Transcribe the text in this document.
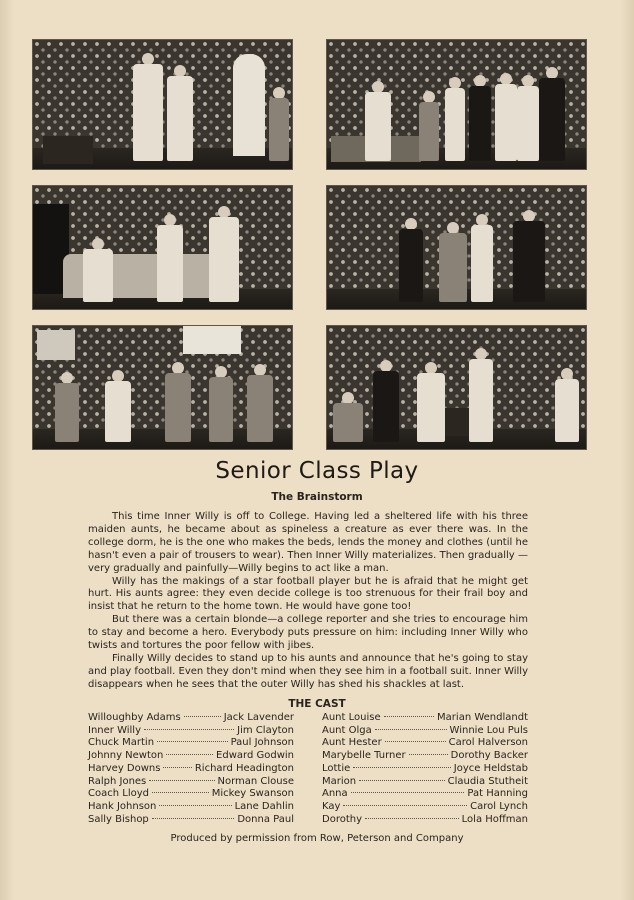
Senior Class Play
The Brainstorm

This time Inner Willy is off to College. Having led a sheltered life with his three maiden aunts, he became about as spineless a creature as ever there was. In the college dorm, he is the one who makes the beds, lends the money and clothes (until he hasn't even a pair of trousers to wear). Then Inner Willy materializes. Then gradually —very gradually and painfully—Willy begins to act like a man.

Willy has the makings of a star football player but he is afraid that he might get hurt. His aunts agree: they even decide college is too strenuous for their frail boy and insist that he return to the home town. He would have gone too!

But there was a certain blonde—a college reporter and she tries to encourage him to stay and become a hero. Everybody puts pressure on him: including Inner Willy who twists and tortures the poor fellow with jibes.

Finally Willy decides to stand up to his aunts and announce that he's going to stay and play football. Even they don't mind when they see him in a football suit. Inner Willy disappears when he sees that the outer Willy has shed his shackles at last.

THE CAST
Willoughby Adams	Jack Lavender
Inner Willy	Jim Clayton
Chuck Martin	Paul Johnson
Johnny Newton	Edward Godwin
Harvey Downs	Richard Headington
Ralph Jones	Norman Clouse
Coach Lloyd	Mickey Swanson
Hank Johnson	Lane Dahlin
Sally Bishop	Donna Paul
Aunt Louise	Marian Wendlandt
Aunt Olga	Winnie Lou Puls
Aunt Hester	Carol Halverson
Marybelle Turner	Dorothy Backer
Lottie	Joyce Heldstab
Marion	Claudia Stutheit
Anna	Pat Hanning
Kay	Carol Lynch
Dorothy	Lola Hoffman
Produced by permission from Row, Peterson and Company
